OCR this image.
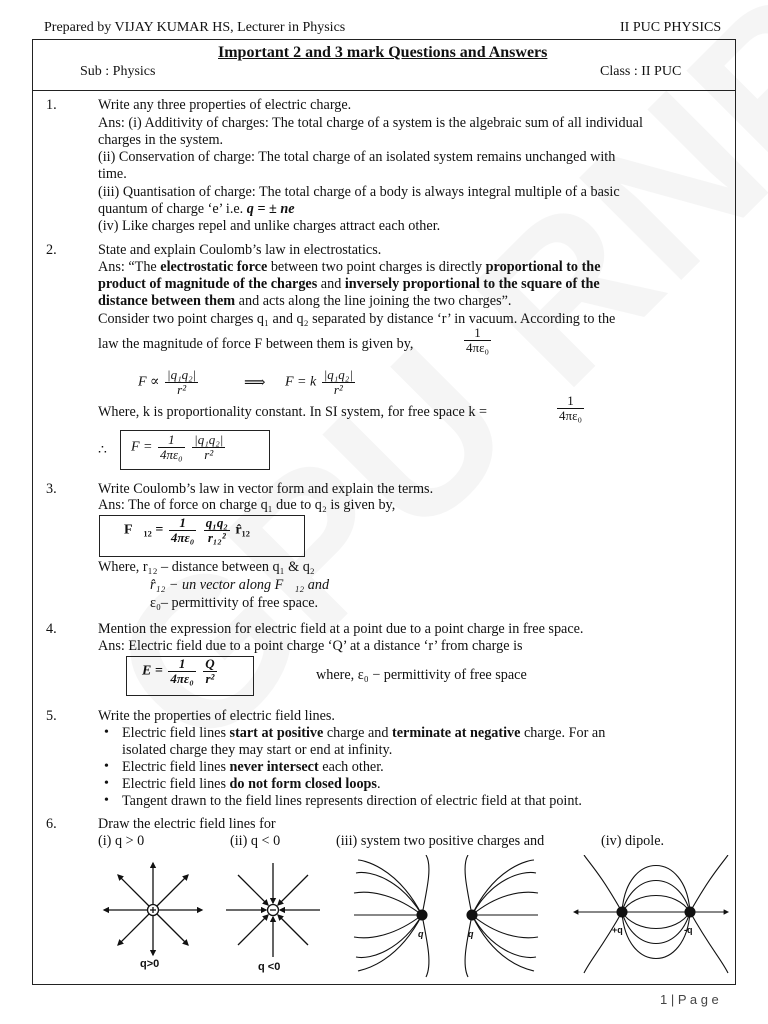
Prepared by VIJAY KUMAR HS, Lecturer in Physics	II PUC PHYSICS
Important 2 and 3 mark Questions and Answers
Sub : Physics	Class : II PUC
1.	Write any three properties of electric charge.
Ans: (i) Additivity of charges: The total charge of a system is the algebraic sum of all individual
charges in the system.
(ii) Conservation of charge: The total charge of an isolated system remains unchanged with
time.
(iii) Quantisation of charge: The total charge of a body is always integral multiple of a basic
quantum of charge ‘e’ i.e. q = ± ne
(iv) Like charges repel and unlike charges attract each other.
2.	State and explain Coulomb’s law in electrostatics.
Ans: “The electrostatic force between two point charges is directly proportional to the
product of magnitude of the charges and inversely proportional to the square of the
distance between them and acts along the line joining the two charges”.
Consider two point charges q₁ and q₂ separated by distance ‘r’ in vacuum. According to the
law the magnitude of force F between them is given by,	$\frac{1}{\text{4πε₀}}$
$F \propto \frac{\text{|q₁q₂|}}{\text{r²}}$	⟹ F = k $\frac{\text{|q₁q₂|}}{\text{r²}}$
Where, k is proportionality constant. In SI system, for free space k =	$\frac{1}{\text{4πε₀}}$
∴ $F = \frac{1}{\text{4πε₀}}$
$\frac{\text{|q₁q₂|}}{\text{r²}}$
3.	Write Coulomb’s law in vector form and explain the terms.
Ans: The of force on charge q₁ due to q₂ is given by,
F⃗₁₂ = $\frac{1}{\text{4πε₀}}$
$\frac{\text{q₁q₂}}{\text{r₁₂²}}$ r̂₁₂
Where, r₁₂ – distance between q₁ & q₂
r̂₁₂ − un vector along F⃗₁₂ and
ε₀– permittivity of free space.
4.	Mention the expression for electric field at a point due to a point charge in free space.
Ans: Electric field due to a point charge ‘Q’ at a distance ‘r’ from charge is
$E = \frac{1}{\text{4πε₀}}$
$\frac{Q}{\text{r²}}$	where, ε₀ − permittivity of free space
5.	Write the properties of electric field lines.
• Electric field lines start at positive charge and terminate at negative charge. For an
isolated charge they may start or end at infinity.
• Electric field lines never intersect each other.
• Electric field lines do not form closed loops.
• Tangent drawn to the field lines represents direction of electric field at that point.
6.	Draw the electric field lines for
(i) q > 0	(ii) q < 0	(iii) system two positive charges and	(iv) dipole.
q>0	q <0
q	q	+q	-q
1 | P a g e
